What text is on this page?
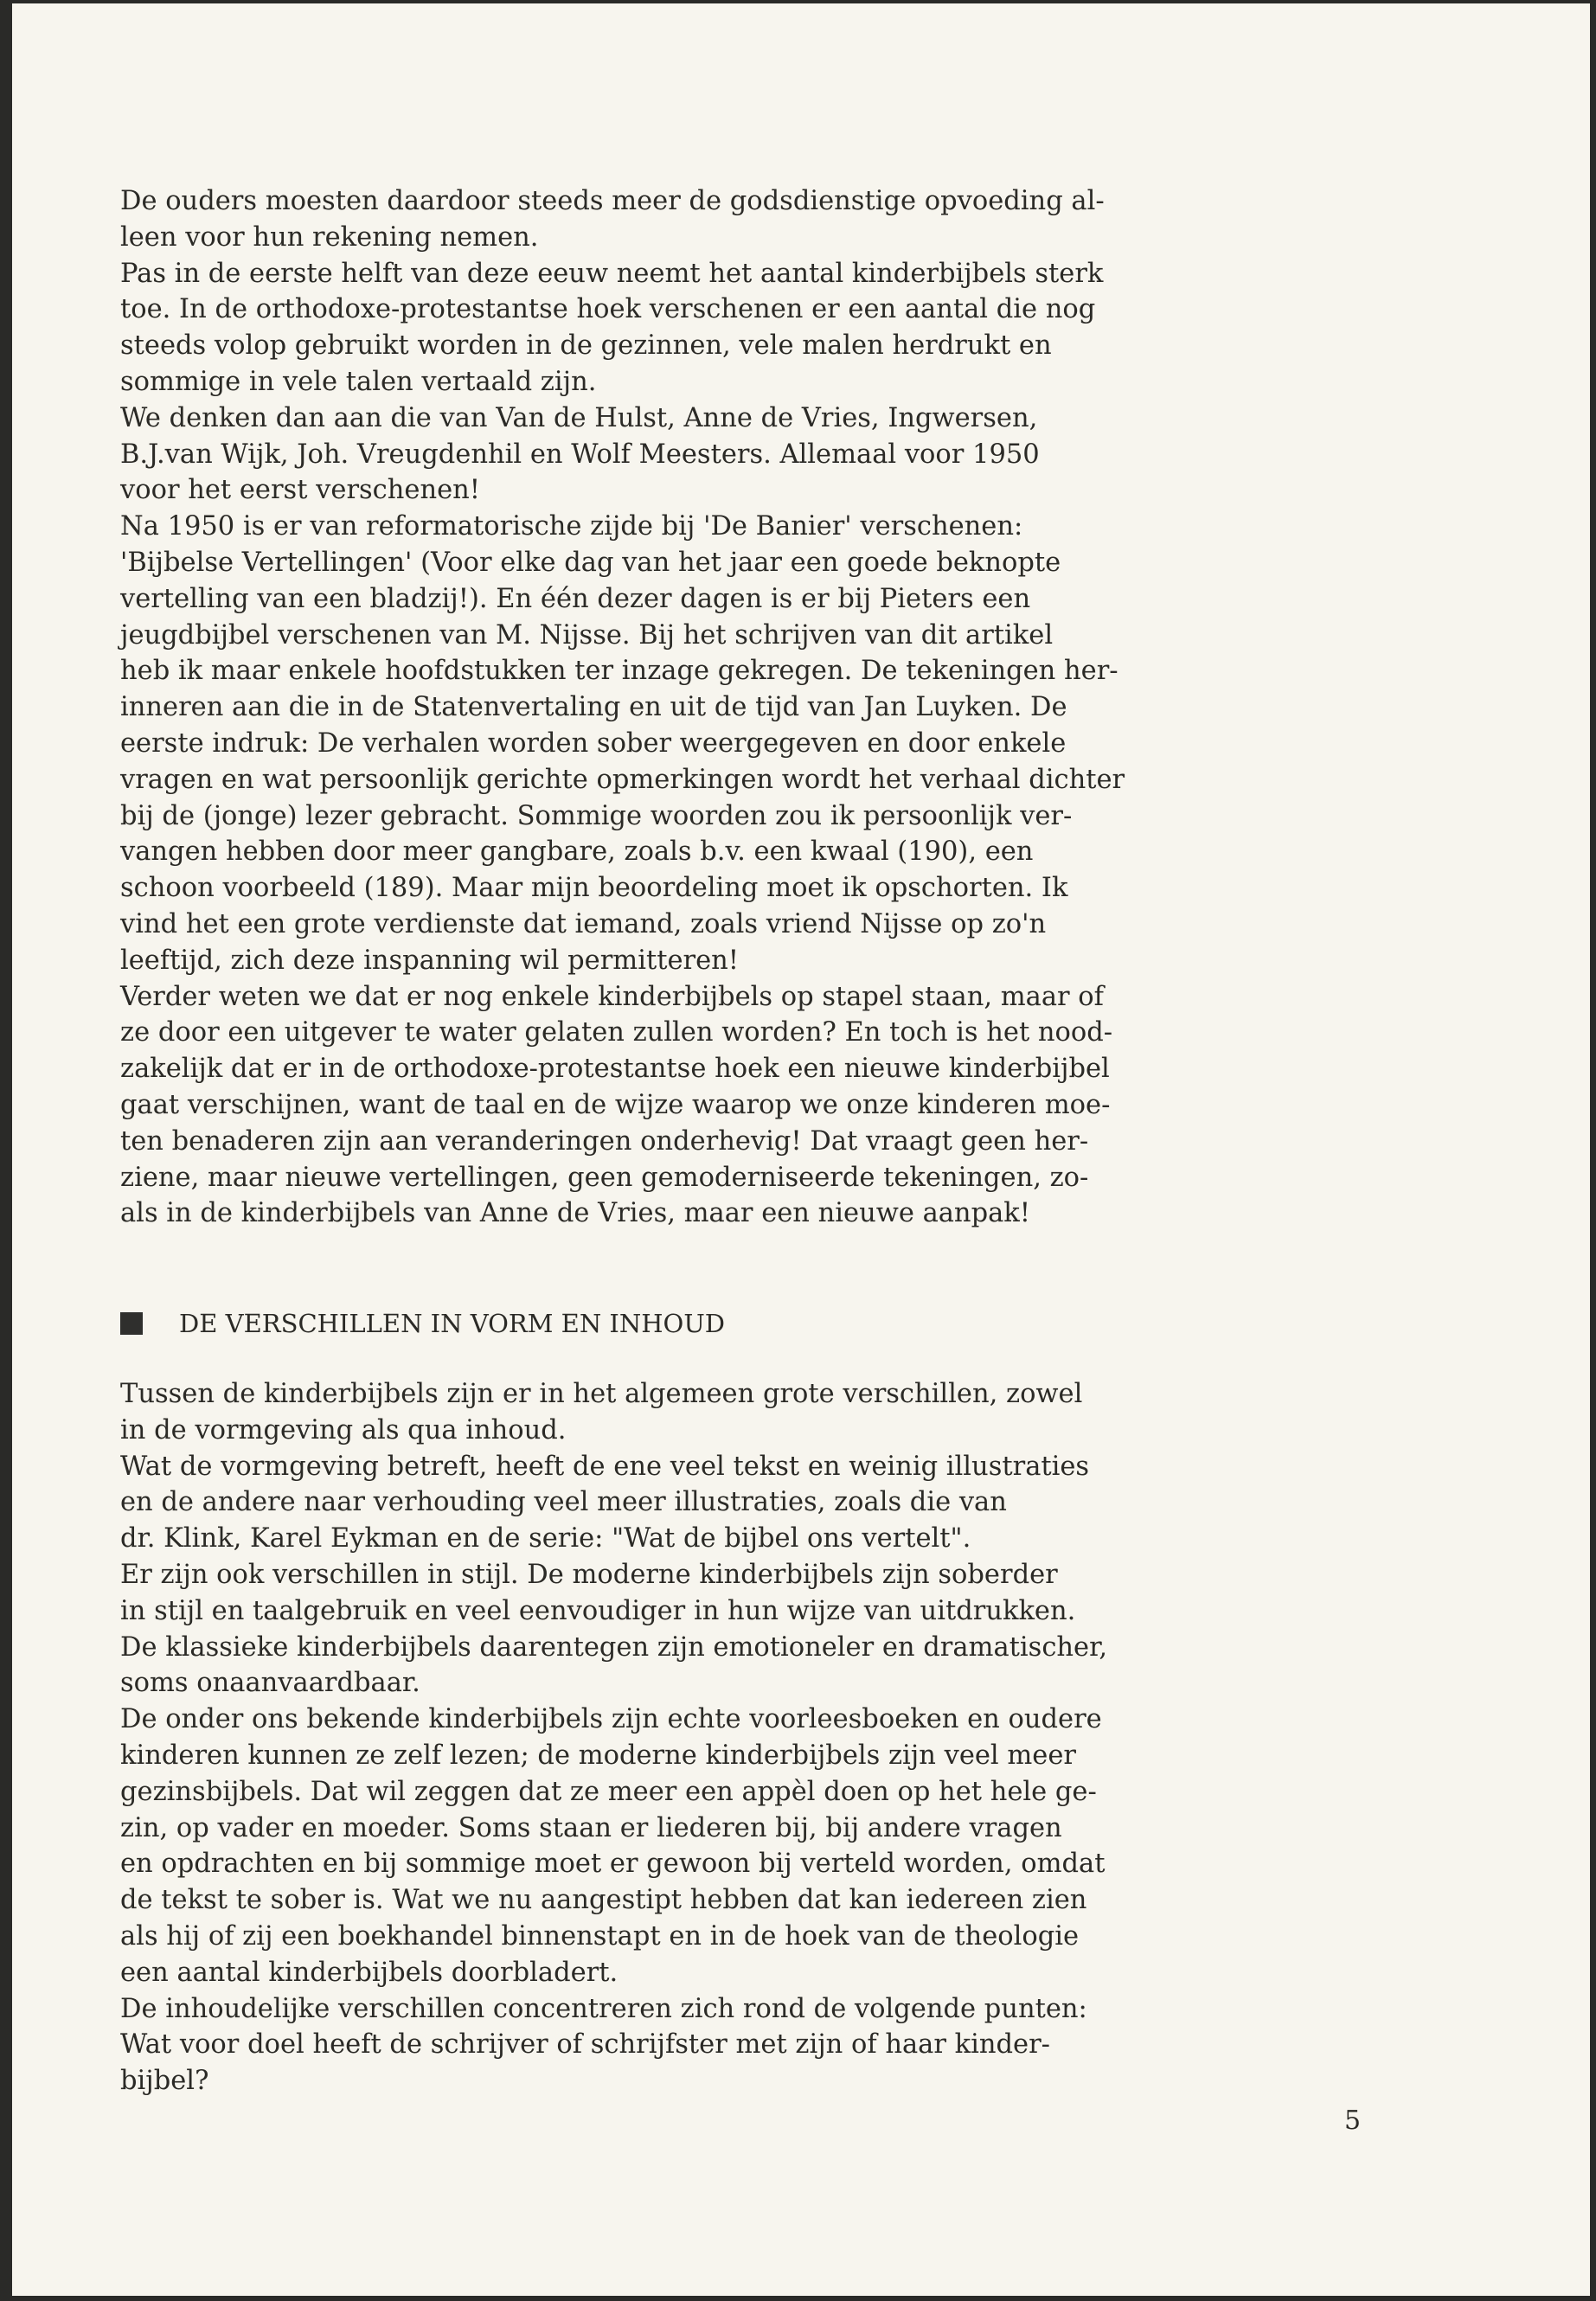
De ouders moesten daardoor steeds meer de godsdienstige opvoeding al-
leen voor hun rekening nemen.
Pas in de eerste helft van deze eeuw neemt het aantal kinderbijbels sterk
toe. In de orthodoxe-protestantse hoek verschenen er een aantal die nog
steeds volop gebruikt worden in de gezinnen, vele malen herdrukt en
sommige in vele talen vertaald zijn.
We denken dan aan die van Van de Hulst, Anne de Vries, Ingwersen,
B.J.van Wijk, Joh. Vreugdenhil en Wolf Meesters. Allemaal voor 1950
voor het eerst verschenen!
Na 1950 is er van reformatorische zijde bij 'De Banier' verschenen:
'Bijbelse Vertellingen' (Voor elke dag van het jaar een goede beknopte
vertelling van een bladzij!). En één dezer dagen is er bij Pieters een
jeugdbijbel verschenen van M. Nijsse. Bij het schrijven van dit artikel
heb ik maar enkele hoofdstukken ter inzage gekregen. De tekeningen her-
inneren aan die in de Statenvertaling en uit de tijd van Jan Luyken. De
eerste indruk: De verhalen worden sober weergegeven en door enkele
vragen en wat persoonlijk gerichte opmerkingen wordt het verhaal dichter
bij de (jonge) lezer gebracht. Sommige woorden zou ik persoonlijk ver-
vangen hebben door meer gangbare, zoals b.v. een kwaal (190), een
schoon voorbeeld (189). Maar mijn beoordeling moet ik opschorten. Ik
vind het een grote verdienste dat iemand, zoals vriend Nijsse op zo'n
leeftijd, zich deze inspanning wil permitteren!
Verder weten we dat er nog enkele kinderbijbels op stapel staan, maar of
ze door een uitgever te water gelaten zullen worden? En toch is het nood-
zakelijk dat er in de orthodoxe-protestantse hoek een nieuwe kinderbijbel
gaat verschijnen, want de taal en de wijze waarop we onze kinderen moe-
ten benaderen zijn aan veranderingen onderhevig! Dat vraagt geen her-
ziene, maar nieuwe vertellingen, geen gemoderniseerde tekeningen, zo-
als in de kinderbijbels van Anne de Vries, maar een nieuwe aanpak!
DE VERSCHILLEN IN VORM EN INHOUD
Tussen de kinderbijbels zijn er in het algemeen grote verschillen, zowel
in de vormgeving als qua inhoud.
Wat de vormgeving betreft, heeft de ene veel tekst en weinig illustraties
en de andere naar verhouding veel meer illustraties, zoals die van
dr. Klink, Karel Eykman en de serie: "Wat de bijbel ons vertelt".
Er zijn ook verschillen in stijl. De moderne kinderbijbels zijn soberder
in stijl en taalgebruik en veel eenvoudiger in hun wijze van uitdrukken.
De klassieke kinderbijbels daarentegen zijn emotioneler en dramatischer,
soms onaanvaardbaar.
De onder ons bekende kinderbijbels zijn echte voorleesboeken en oudere
kinderen kunnen ze zelf lezen; de moderne kinderbijbels zijn veel meer
gezinsbijbels. Dat wil zeggen dat ze meer een appèl doen op het hele ge-
zin, op vader en moeder. Soms staan er liederen bij, bij andere vragen
en opdrachten en bij sommige moet er gewoon bij verteld worden, omdat
de tekst te sober is. Wat we nu aangestipt hebben dat kan iedereen zien
als hij of zij een boekhandel binnenstapt en in de hoek van de theologie
een aantal kinderbijbels doorbladert.
De inhoudelijke verschillen concentreren zich rond de volgende punten:
Wat voor doel heeft de schrijver of schrijfster met zijn of haar kinder-
bijbel?
5
